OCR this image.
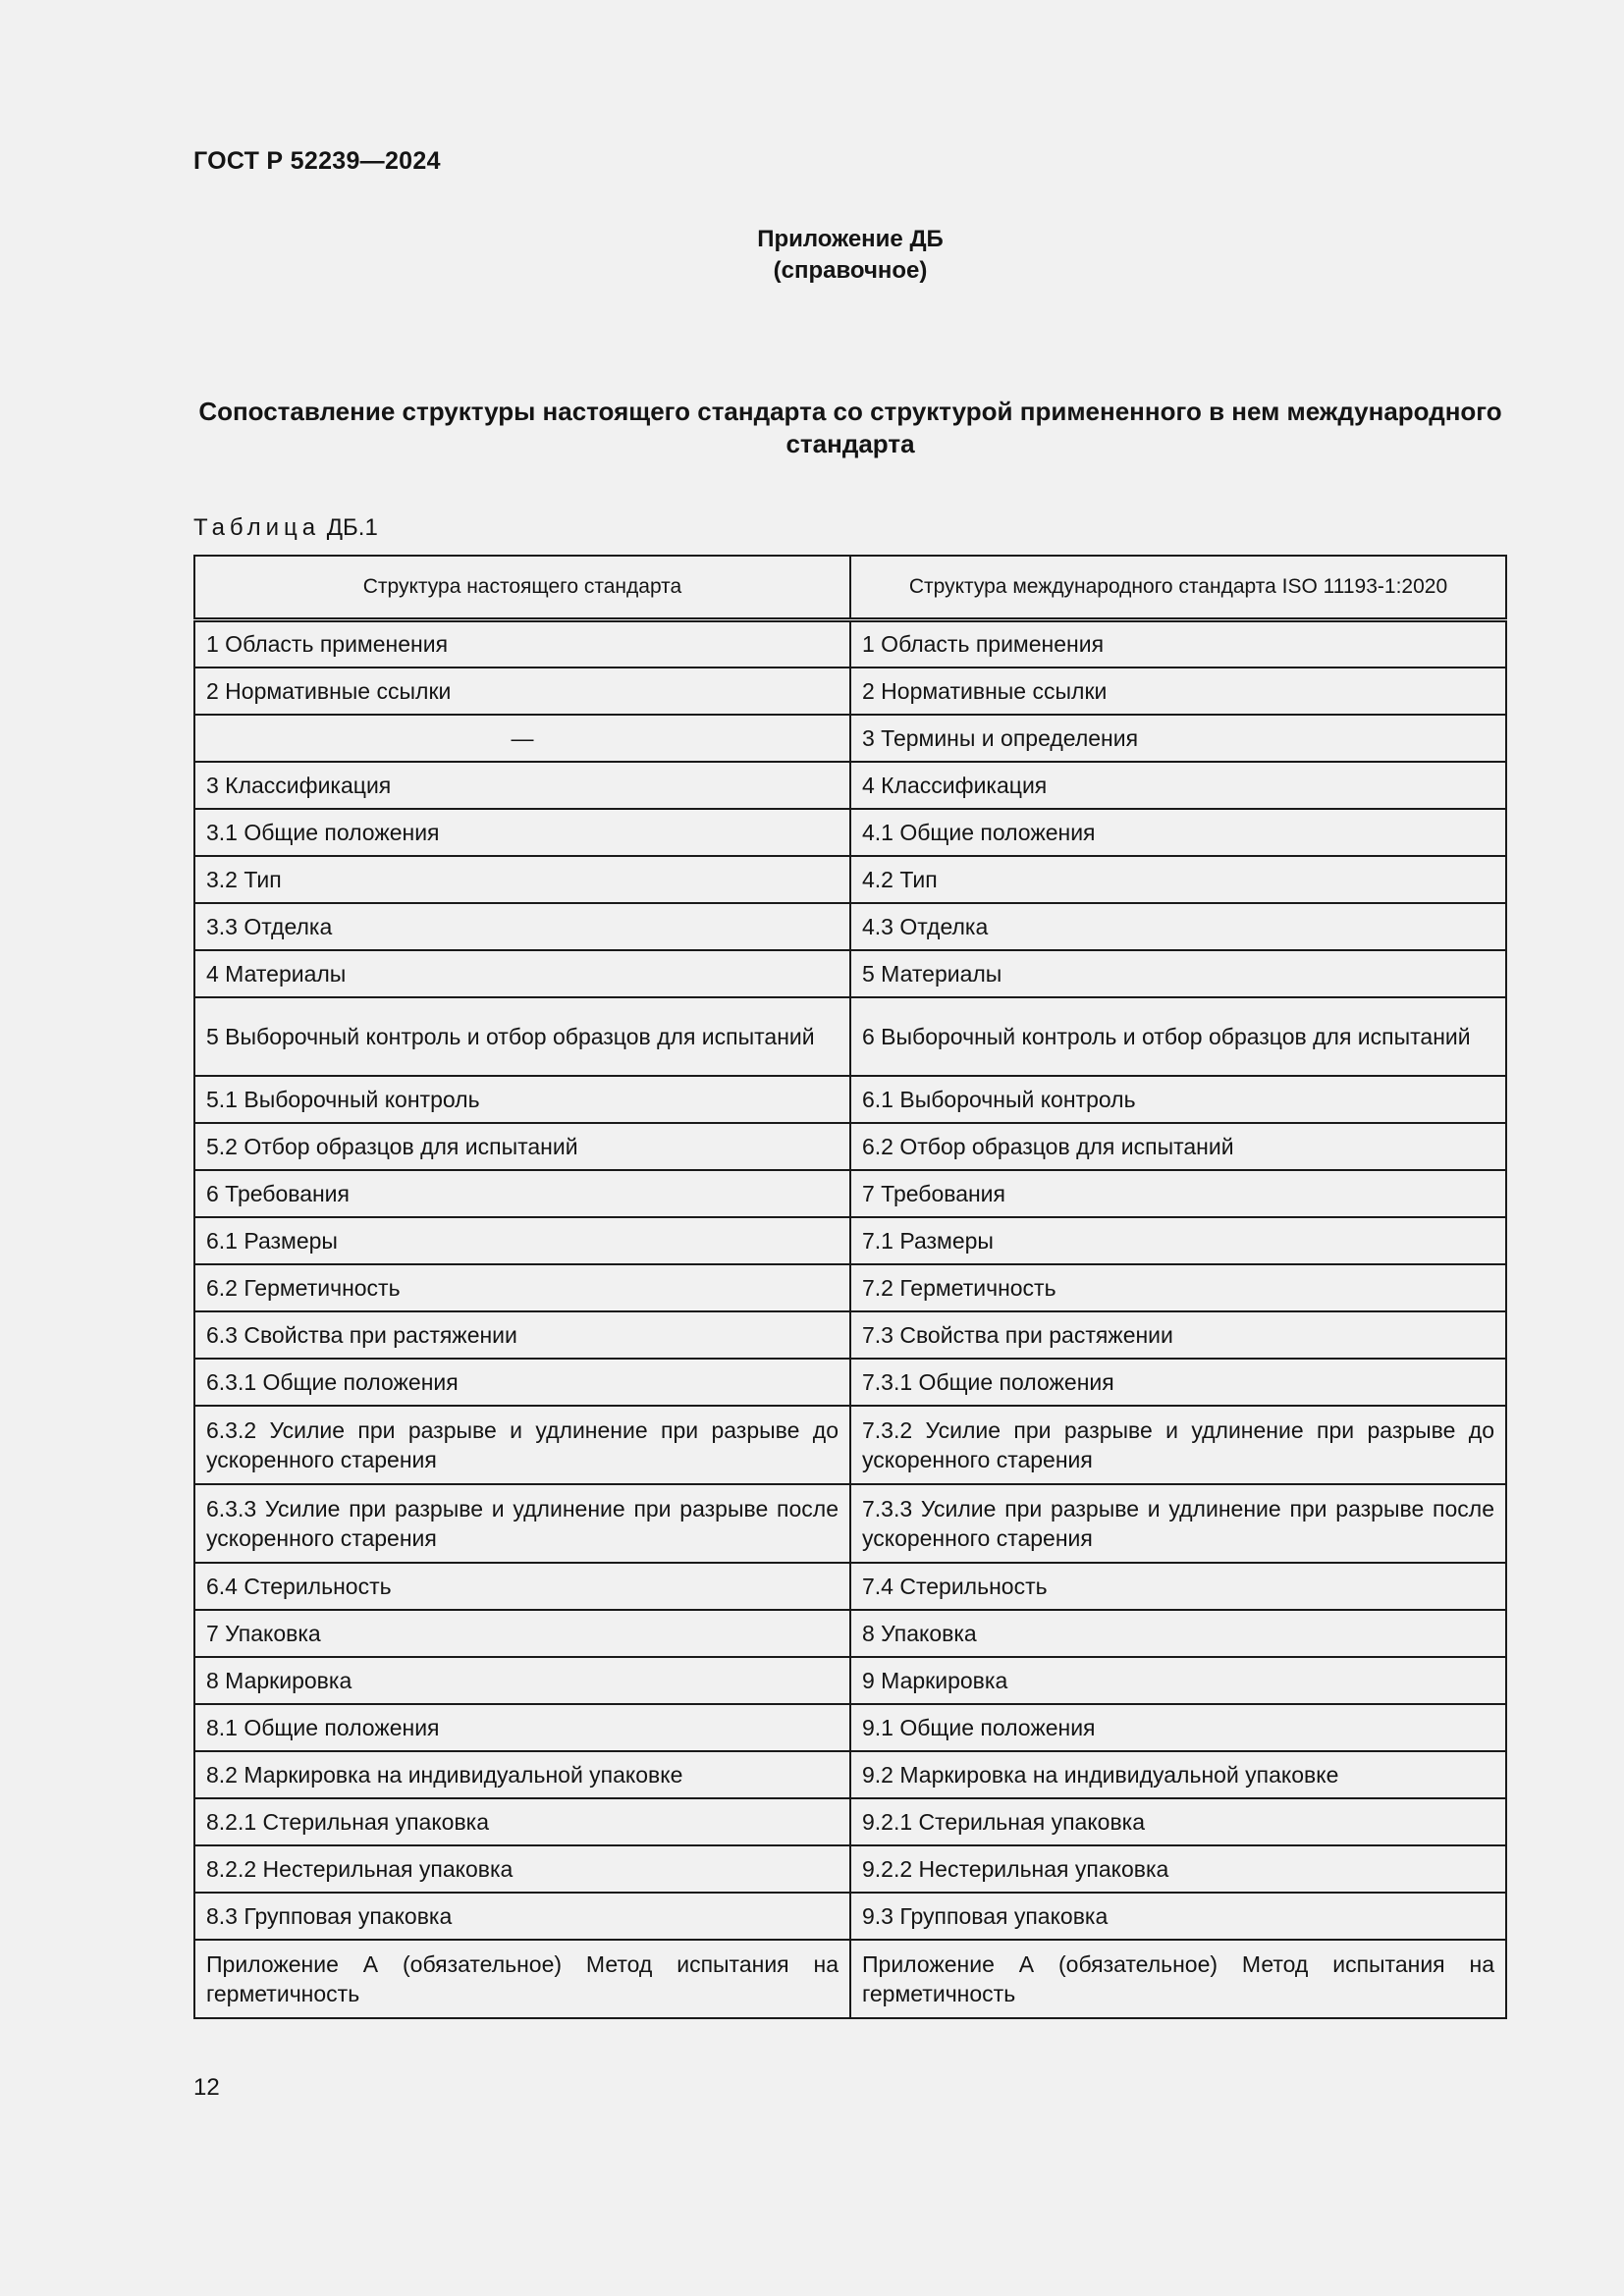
ГОСТ Р 52239—2024
Приложение ДБ
(справочное)
Сопоставление структуры настоящего стандарта со структурой примененного в нем международного стандарта
Таблица ДБ.1
Структура настоящего стандарта	Структура международного стандарта ISO 11193-1:2020
1 Область применения	1 Область применения
2 Нормативные ссылки	2 Нормативные ссылки
—	3 Термины и определения
3 Классификация	4 Классификация
3.1 Общие положения	4.1 Общие положения
3.2 Тип	4.2 Тип
3.3 Отделка	4.3 Отделка
4 Материалы	5 Материалы
5 Выборочный контроль и отбор образцов для испытаний	6 Выборочный контроль и отбор образцов для испытаний
5.1 Выборочный контроль	6.1 Выборочный контроль
5.2 Отбор образцов для испытаний	6.2 Отбор образцов для испытаний
6 Требования	7 Требования
6.1 Размеры	7.1 Размеры
6.2 Герметичность	7.2 Герметичность
6.3 Свойства при растяжении	7.3 Свойства при растяжении
6.3.1 Общие положения	7.3.1 Общие положения
6.3.2 Усилие при разрыве и удлинение при разрыве до ускоренного старения	7.3.2 Усилие при разрыве и удлинение при разрыве до ускоренного старения
6.3.3 Усилие при разрыве и удлинение при разрыве после ускоренного старения	7.3.3 Усилие при разрыве и удлинение при разрыве после ускоренного старения
6.4 Стерильность	7.4 Стерильность
7 Упаковка	8 Упаковка
8 Маркировка	9 Маркировка
8.1 Общие положения	9.1 Общие положения
8.2 Маркировка на индивидуальной упаковке	9.2 Маркировка на индивидуальной упаковке
8.2.1 Стерильная упаковка	9.2.1 Стерильная упаковка
8.2.2 Нестерильная упаковка	9.2.2 Нестерильная упаковка
8.3 Групповая упаковка	9.3 Групповая упаковка
Приложение А (обязательное) Метод испытания на герметичность	Приложение А (обязательное) Метод испытания на герметичность
12
